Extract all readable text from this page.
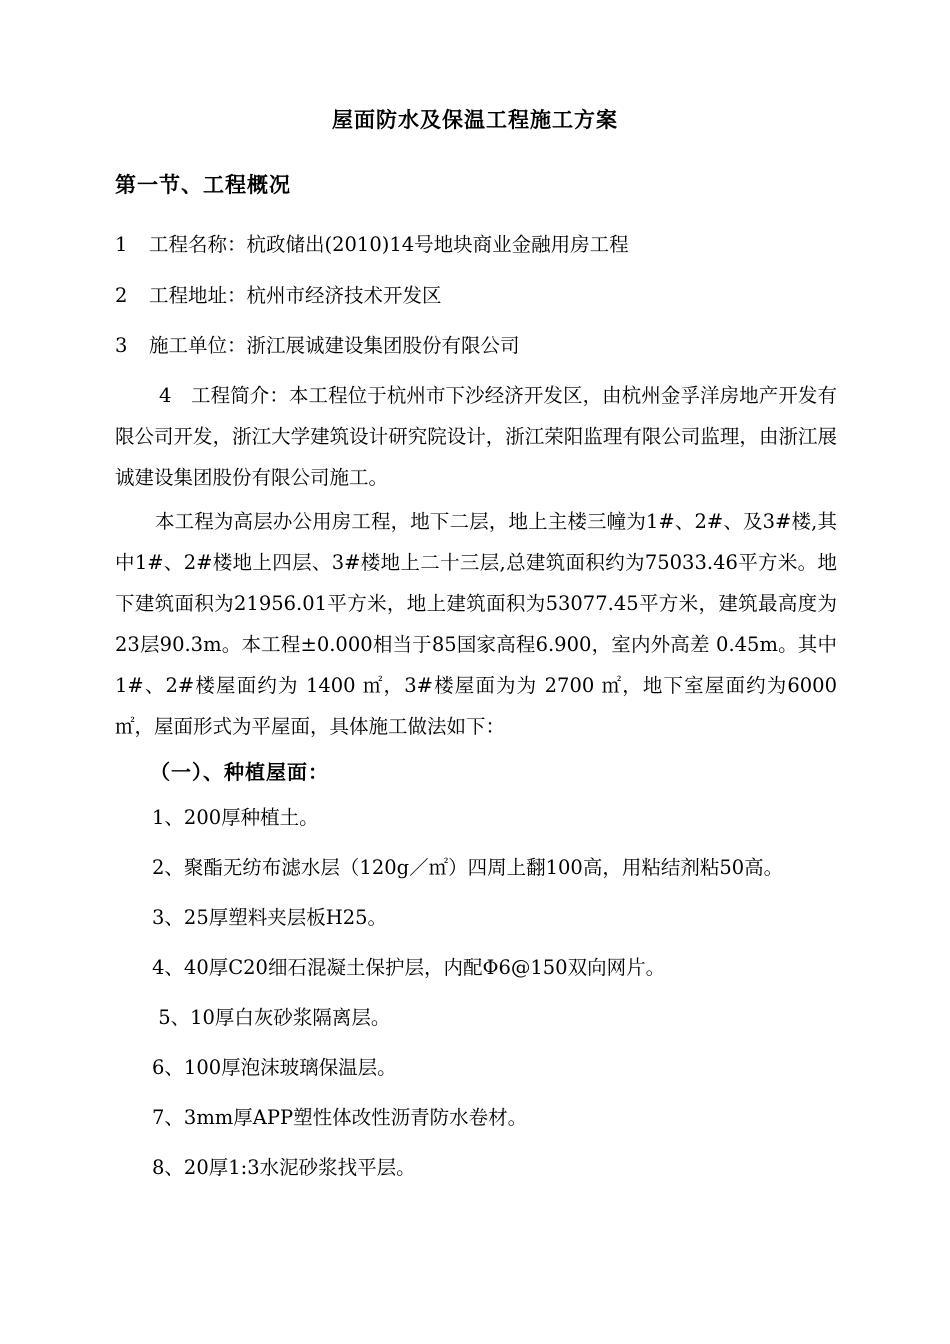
屋面防水及保温工程施工方案
第一节、工程概况
1 工程名称：杭政储出(2010)14号地块商业金融用房工程
2 工程地址：杭州市经济技术开发区
3 施工单位：浙江展诚建设集团股份有限公司
4　工程简介：本工程位于杭州市下沙经济开发区，由杭州金孚洋房地产开发有限公司开发，浙江大学建筑设计研究院设计，浙江荣阳监理有限公司监理，由浙江展诚建设集团股份有限公司施工。
本工程为高层办公用房工程，地下二层，地上主楼三幢为1#、2#、及3#楼,其中1#、2#楼地上四层、3#楼地上二十三层,总建筑面积约为75033.46平方米。地下建筑面积为21956.01平方米，地上建筑面积为53077.45平方米，建筑最高度为23层90.3m。本工程±0.000相当于85国家高程6.900，室内外高差 0.45m。其中 1#、2#楼屋面约为 1400 ㎡，3#楼屋面为为 2700 ㎡，地下室屋面约为6000㎡，屋面形式为平屋面，具体施工做法如下：
（一）、种植屋面：
1、200厚种植土。
2、聚酯无纺布滤水层（120g／㎡）四周上翻100高，用粘结剂粘50高。
3、25厚塑料夹层板H25。
4、40厚C20细石混凝土保护层，内配Φ6@150双向网片。
5、10厚白灰砂浆隔离层。
6、100厚泡沫玻璃保温层。
7、3mm厚APP塑性体改性沥青防水卷材。
8、20厚1:3水泥砂浆找平层。
